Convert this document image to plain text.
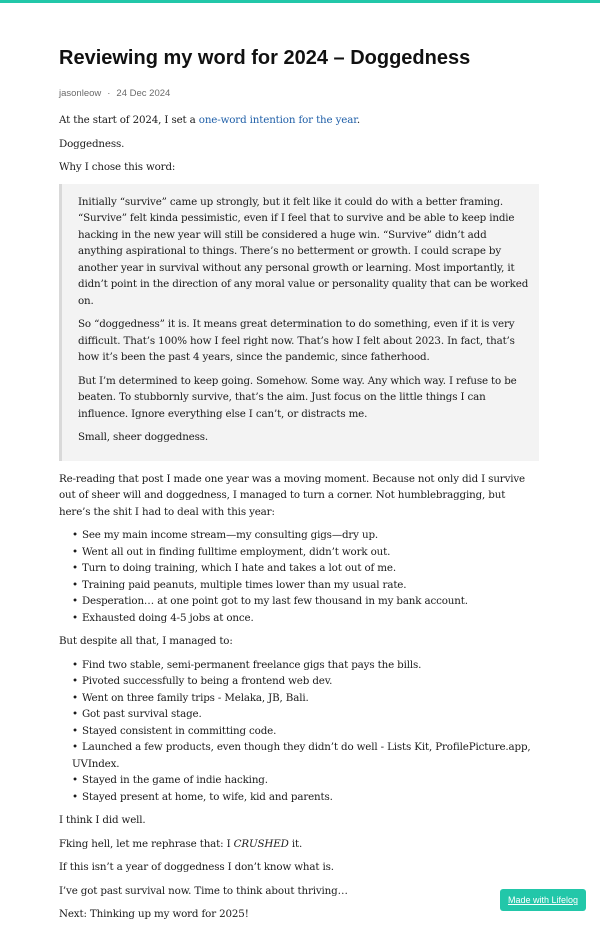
Reviewing my word for 2024 – Doggedness
jasonleow · 24 Dec 2024

At the start of 2024, I set a one-word intention for the year.

Doggedness.

Why I chose this word:

Initially “survive” came up strongly, but it felt like it could do with a better framing. “Survive” felt kinda pessimistic, even if I feel that to survive and be able to keep indie hacking in the new year will still be considered a huge win. “Survive” didn’t add anything aspirational to things. There’s no betterment or growth. I could scrape by another year in survival without any personal growth or learning. Most importantly, it didn’t point in the direction of any moral value or personality quality that can be worked on.

So “doggedness” it is. It means great determination to do something, even if it is very difficult. That’s 100% how I feel right now. That’s how I felt about 2023. In fact, that’s how it’s been the past 4 years, since the pandemic, since fatherhood.

But I’m determined to keep going. Somehow. Some way. Any which way. I refuse to be beaten. To stubbornly survive, that’s the aim. Just focus on the little things I can influence. Ignore everything else I can’t, or distracts me.

Small, sheer doggedness.

Re-reading that post I made one year was a moving moment. Because not only did I survive out of sheer will and doggedness, I managed to turn a corner. Not humblebragging, but here’s the shit I had to deal with this year:

• See my main income stream—my consulting gigs—dry up.
• Went all out in finding fulltime employment, didn’t work out.
• Turn to doing training, which I hate and takes a lot out of me.
• Training paid peanuts, multiple times lower than my usual rate.
• Desperation… at one point got to my last few thousand in my bank account.
• Exhausted doing 4-5 jobs at once.

But despite all that, I managed to:

• Find two stable, semi-permanent freelance gigs that pays the bills.
• Pivoted successfully to being a frontend web dev.
• Went on three family trips - Melaka, JB, Bali.
• Got past survival stage.
• Stayed consistent in committing code.
• Launched a few products, even though they didn’t do well - Lists Kit, ProfilePicture.app, UVIndex.
• Stayed in the game of indie hacking.
• Stayed present at home, to wife, kid and parents.

I think I did well.

Fking hell, let me rephrase that: I CRUSHED it.

If this isn’t a year of doggedness I don’t know what is.

I’ve got past survival now. Time to think about thriving…

Next: Thinking up my word for 2025!

Made with Lifelog
